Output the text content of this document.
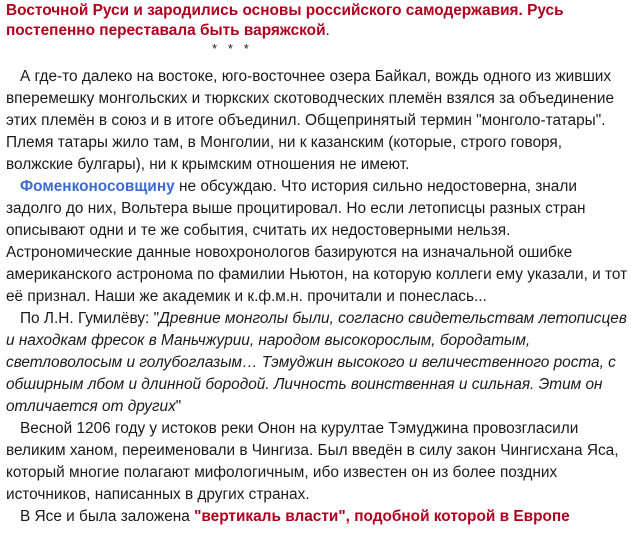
Восточной Руси и зародились основы российского самодержавия. Русь
постепенно переставала быть варяжской.
*   *   *
А где-то далеко на востоке, юго-восточнее озера Байкал, вождь одного из живших
вперемешку монгольских и тюркских скотоводческих племён взялся за объединение
этих племён в союз и в итоге объединил. Общепринятый термин "монголо-татары".
Племя татары жило там, в Монголии, ни к казанским (которые, строго говоря,
волжские булгары), ни к крымским отношения не имеют.
Фоменконосовщину не обсуждаю. Что история сильно недостоверна, знали
задолго до них, Вольтера выше процитировал. Но если летописцы разных стран
описывают одни и те же события, считать их недостоверными нельзя.
Астрономические данные новохронологов базируются на изначальной ошибке
американского астронома по фамилии Ньютон, на которую коллеги ему указали, и тот
её признал. Наши же академик и к.ф.м.н. прочитали и понеслась...
По Л.Н. Гумилёву: "Древние монголы были, согласно свидетельствам летописцев
и находкам фресок в Маньчжурии, народом высокорослым, бородатым,
светловолосым и голубоглазым… Тэмуджин высокого и величественного роста, с
обширным лбом и длинной бородой. Личность воинственная и сильная. Этим он
отличается от других"
Весной 1206 году у истоков реки Онон на курултае Тэмуджина провозгласили
великим ханом, переименовали в Чингиза. Был введён в силу закон Чингисхана Яса,
который многие полагают мифологичным, ибо известен он из более поздних
источников, написанных в других странах.
В Ясе и была заложена "вертикаль власти", подобной которой в Европе
